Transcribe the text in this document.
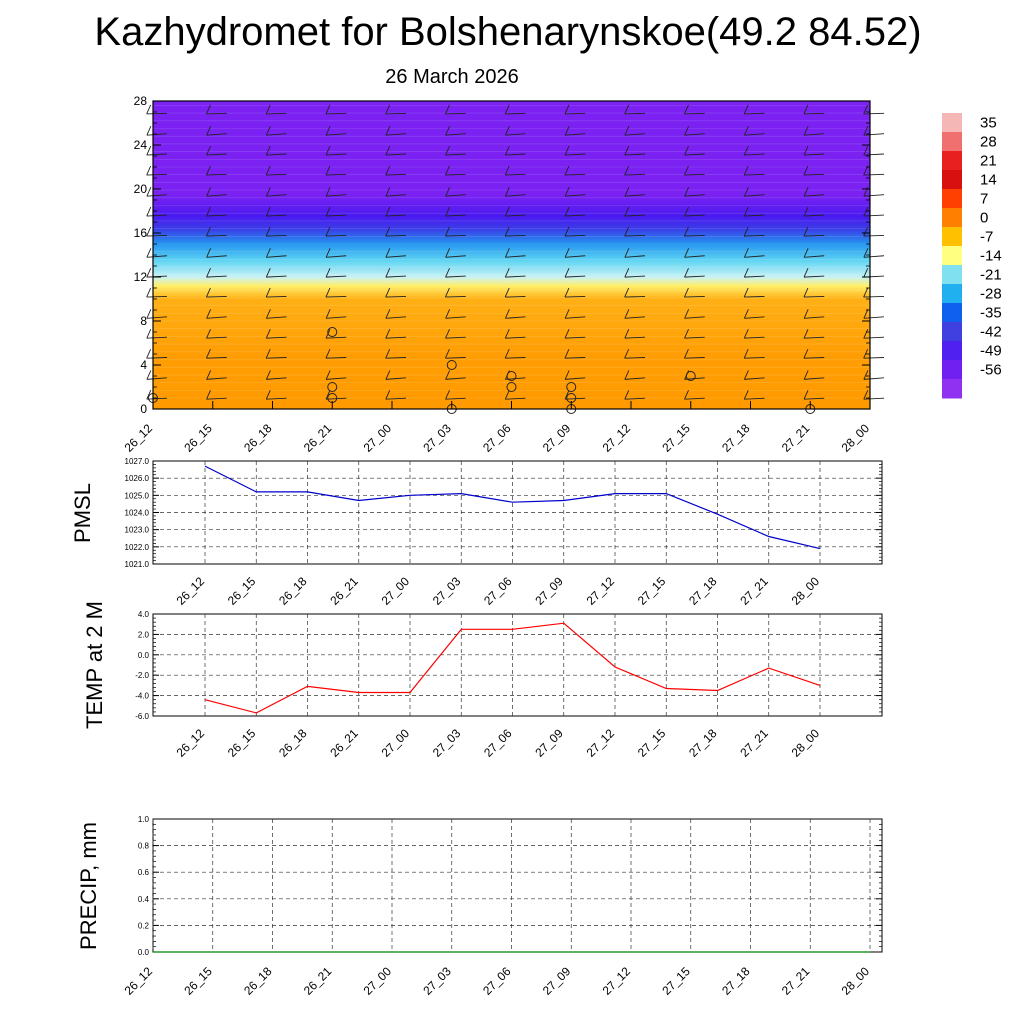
Kazhydromet for Bolshenarynskoe(49.2 84.52)
26 March 2026
0
4
8
12
16
20
24
28
26_12 26_15 26_18 26_21 27_00 27_03 27_06 27_09 27_12 27_15 27_18 27_21 28_00
35
28
21
14
7
0
-7
-14
-21
-28
-35
-42
-49
-56
1021.0
1022.0
1023.0
1024.0
1025.0
1026.0
1027.0
26_12 26_15 26_18 26_21 27_00 27_03 27_06 27_09 27_12 27_15 27_18 27_21 28_00
PMSL
-6.0
-4.0
-2.0
0.0
2.0
4.0
26_12 26_15 26_18 26_21 27_00 27_03 27_06 27_09 27_12 27_15 27_18 27_21 28_00
TEMP at 2 M
0.0
0.2
0.4
0.6
0.8
1.0
26_12 26_15 26_18 26_21 27_00 27_03 27_06 27_09 27_12 27_15 27_18 27_21 28_00
PRECIP, mm
